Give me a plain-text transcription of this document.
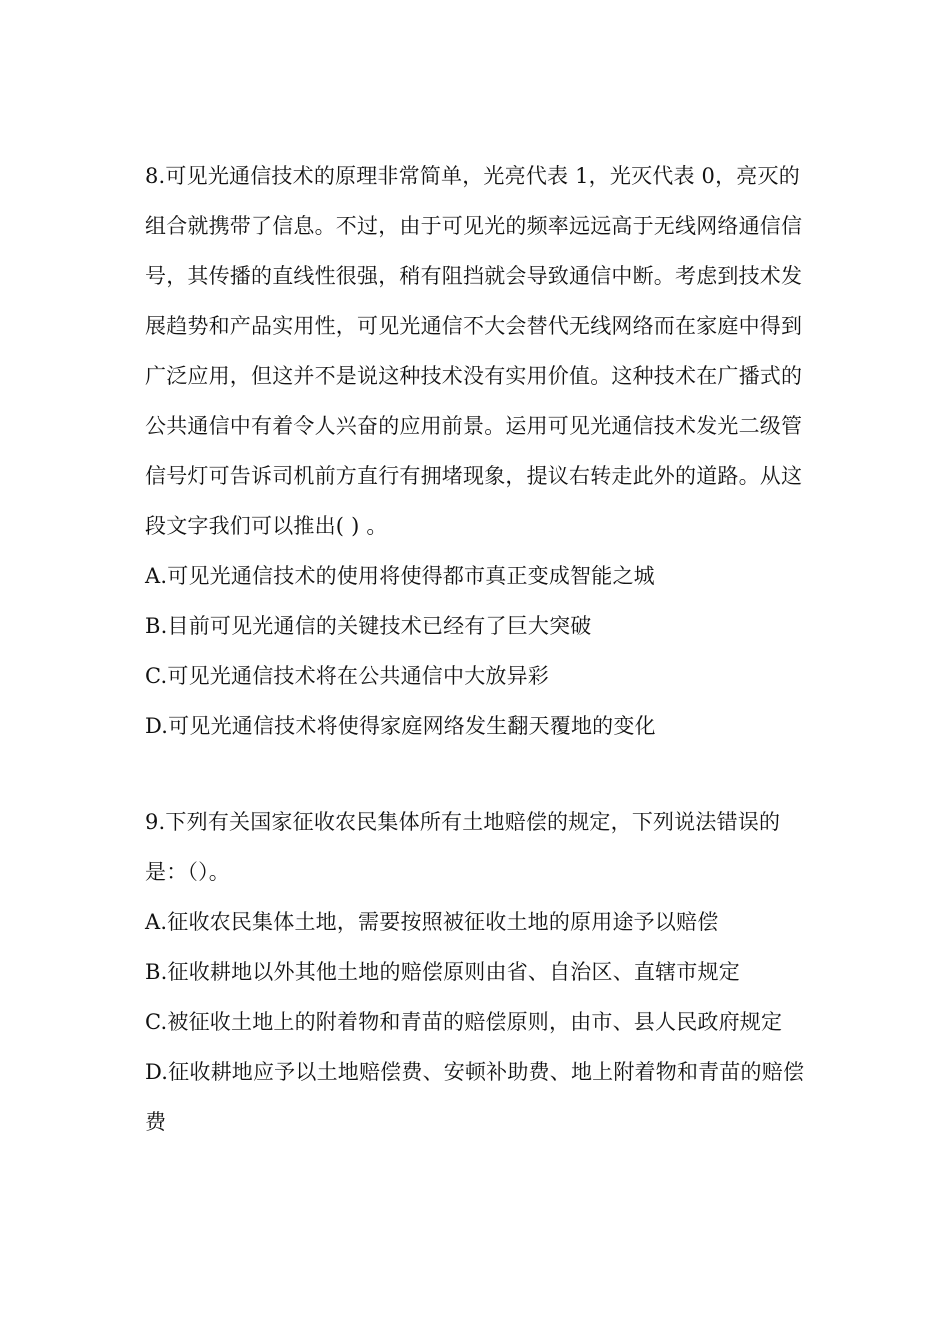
8.可见光通信技术的原理非常简单，光亮代表 1，光灭代表 0，亮灭的组合就携带了信息。不过，由于可见光的频率远远高于无线网络通信信号，其传播的直线性很强，稍有阻挡就会导致通信中断。考虑到技术发展趋势和产品实用性，可见光通信不大会替代无线网络而在家庭中得到广泛应用，但这并不是说这种技术没有实用价值。这种技术在广播式的公共通信中有着令人兴奋的应用前景。运用可见光通信技术发光二级管信号灯可告诉司机前方直行有拥堵现象，提议右转走此外的道路。从这段文字我们可以推出( ) 。

A.可见光通信技术的使用将使得都市真正变成智能之城

B.目前可见光通信的关键技术已经有了巨大突破

C.可见光通信技术将在公共通信中大放异彩

D.可见光通信技术将使得家庭网络发生翻天覆地的变化

9.下列有关国家征收农民集体所有土地赔偿的规定，下列说法错误的是：（）。

A.征收农民集体土地，需要按照被征收土地的原用途予以赔偿

B.征收耕地以外其他土地的赔偿原则由省、自治区、直辖市规定

C.被征收土地上的附着物和青苗的赔偿原则，由市、县人民政府规定

D.征收耕地应予以土地赔偿费、安顿补助费、地上附着物和青苗的赔偿费
